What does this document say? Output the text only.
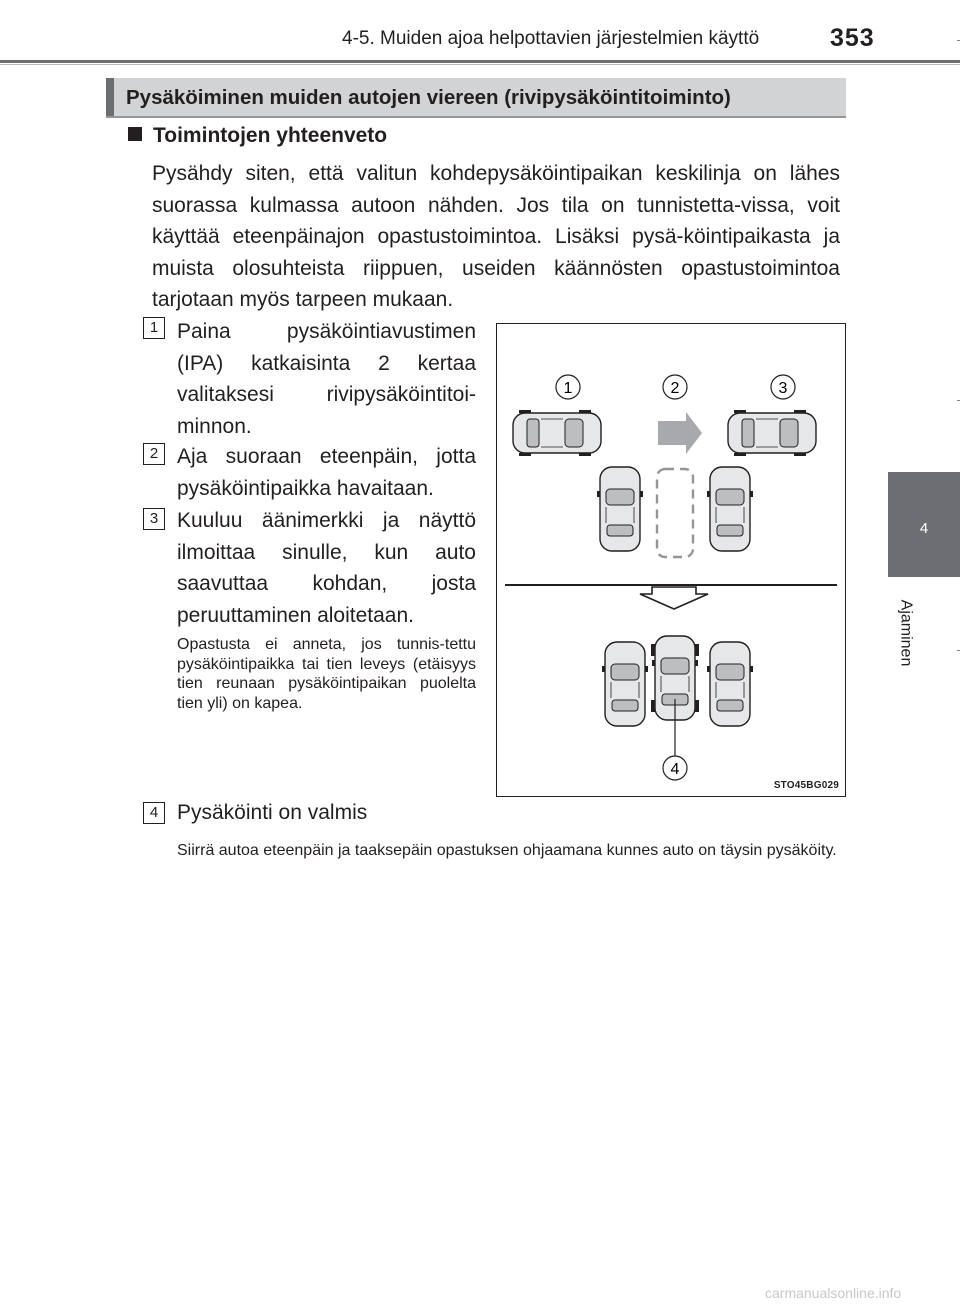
4-5. Muiden ajoa helpottavien järjestelmien käyttö	353
4
Ajaminen
Pysäköiminen muiden autojen viereen (rivipysäköintitoiminto)
Toimintojen yhteenveto
Pysähdy siten, että valitun kohdepysäköintipaikan keskilinja on lähes suorassa kulmassa autoon nähden. Jos tila on tunnistetta-vissa, voit käyttää eteenpäinajon opastustoimintoa. Lisäksi pysä-köintipaikasta ja muista olosuhteista riippuen, useiden käännösten opastustoimintoa tarjotaan myös tarpeen mukaan.
1 Paina pysäköintiavustimen (IPA) katkaisinta 2 kertaa valitaksesi rivipysäköintitoi-minnon.
2 Aja suoraan eteenpäin, jotta pysäköintipaikka havaitaan.
3 Kuuluu äänimerkki ja näyttö ilmoittaa sinulle, kun auto saavuttaa kohdan, josta peruuttaminen aloitetaan.
Opastusta ei anneta, jos tunnis-tettu pysäköintipaikka tai tien leveys (etäisyys tien reunaan pysäköintipaikan puolelta tien yli) on kapea.
4 Pysäköinti on valmis
Siirrä autoa eteenpäin ja taaksepäin opastuksen ohjaamana kunnes auto on täysin pysäköity.
1	2	3
4
STO45BG029
carmanualsonline.info
